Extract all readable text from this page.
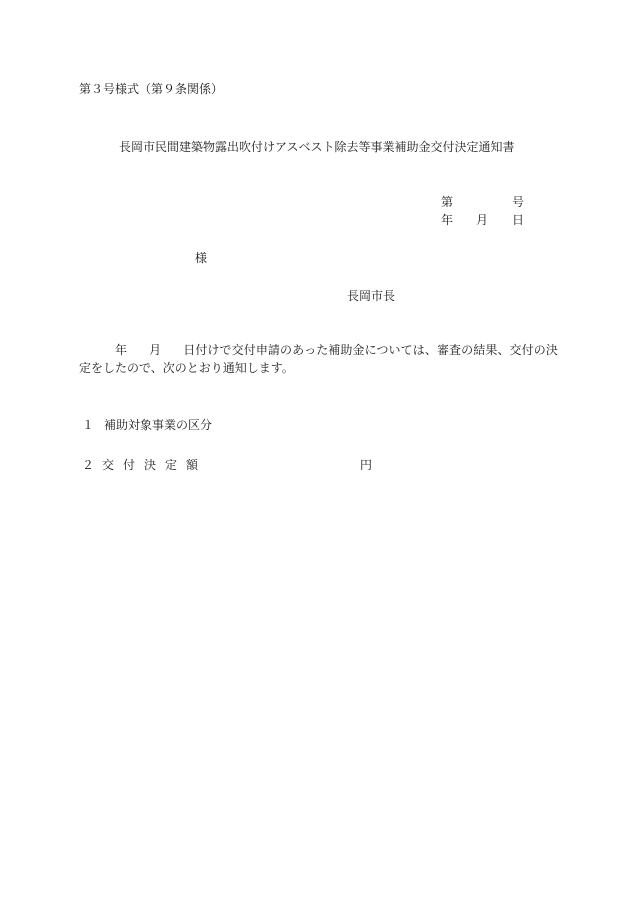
第３号様式（第９条関係）
長岡市民間建築物露出吹付けアスベスト除去等事業補助金交付決定通知書
第	号
年 月 日
様
長岡市長
年 月 日付けで交付申請のあった補助金については、審査の結果、交付の決
定をしたので、次のとおり通知します。
１ 補助対象事業の区分
２ 交 付 決 定 額	円
